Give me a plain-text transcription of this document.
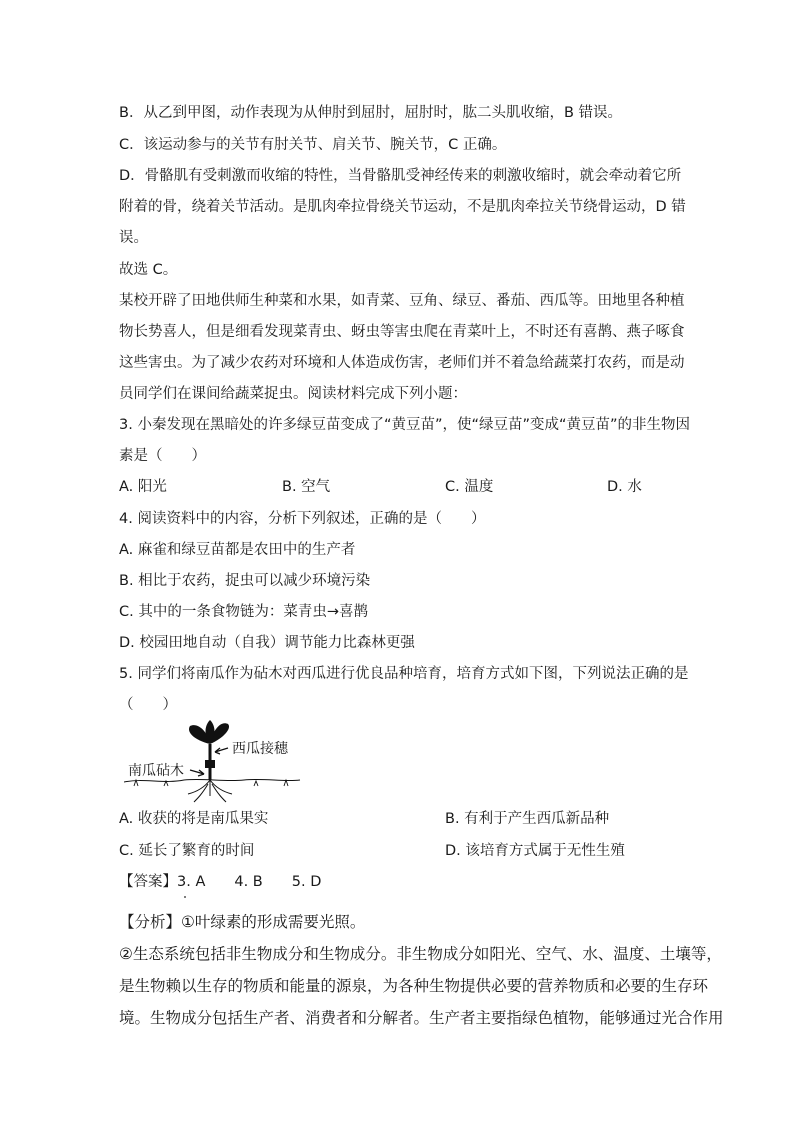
B．从乙到甲图，动作表现为从伸肘到屈肘，屈肘时，肱二头肌收缩，B 错误。
C．该运动参与的关节有肘关节、肩关节、腕关节，C 正确。
D．骨骼肌有受刺激而收缩的特性，当骨骼肌受神经传来的刺激收缩时，就会牵动着它所
附着的骨，绕着关节活动。是肌肉牵拉骨绕关节运动，不是肌肉牵拉关节绕骨运动，D 错
误。
故选 C。
某校开辟了田地供师生种菜和水果，如青菜、豆角、绿豆、番茄、西瓜等。田地里各种植
物长势喜人，但是细看发现菜青虫、蚜虫等害虫爬在青菜叶上，不时还有喜鹊、燕子啄食
这些害虫。为了减少农药对环境和人体造成伤害，老师们并不着急给蔬菜打农药，而是动
员同学们在课间给蔬菜捉虫。阅读材料完成下列小题：
3. 小秦发现在黑暗处的许多绿豆苗变成了“黄豆苗”，使“绿豆苗”变成“黄豆苗”的非生物因
素是（　　）
A. 阳光	B. 空气	C. 温度	D. 水
4. 阅读资料中的内容，分析下列叙述，正确的是（　　）
A. 麻雀和绿豆苗都是农田中的生产者
B. 相比于农药，捉虫可以减少环境污染
C. 其中的一条食物链为：菜青虫→喜鹊
D. 校园田地自动（自我）调节能力比森林更强
5. 同学们将南瓜作为砧木对西瓜进行优良品种培育，培育方式如下图，下列说法正确的是
（　　）
西瓜接穗
南瓜砧木
A. 收获的将是南瓜果实	B. 有利于产生西瓜新品种
C. 延长了繁育的时间	D. 该培育方式属于无性生殖
【答案】3. A　　4. B　　5. D
【分析】①叶绿素的形成需要光照。
②生态系统包括非生物成分和生物成分。非生物成分如阳光、空气、水、温度、土壤等，
是生物赖以生存的物质和能量的源泉，为各种生物提供必要的营养物质和必要的生存环
境。生物成分包括生产者、消费者和分解者。生产者主要指绿色植物，能够通过光合作用
